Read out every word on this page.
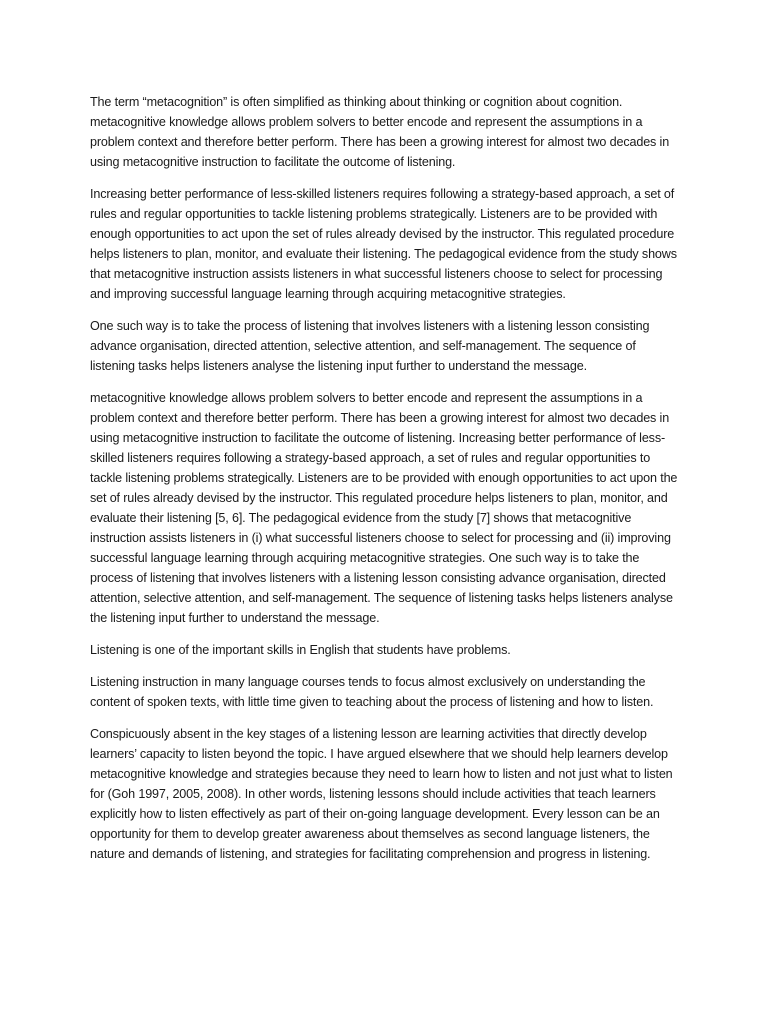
The term “metacognition” is often simplified as thinking about thinking or cognition about cognition. metacognitive knowledge allows problem solvers to better encode and represent the assumptions in a problem context and therefore better perform. There has been a growing interest for almost two decades in using metacognitive instruction to facilitate the outcome of listening.

Increasing better performance of less-skilled listeners requires following a strategy-based approach, a set of rules and regular opportunities to tackle listening problems strategically. Listeners are to be provided with enough opportunities to act upon the set of rules already devised by the instructor. This regulated procedure helps listeners to plan, monitor, and evaluate their listening. The pedagogical evidence from the study shows that metacognitive instruction assists listeners in what successful listeners choose to select for processing and improving successful language learning through acquiring metacognitive strategies.

One such way is to take the process of listening that involves listeners with a listening lesson consisting advance organisation, directed attention, selective attention, and self-management. The sequence of listening tasks helps listeners analyse the listening input further to understand the message.

metacognitive knowledge allows problem solvers to better encode and represent the assumptions in a problem context and therefore better perform. There has been a growing interest for almost two decades in using metacognitive instruction to facilitate the outcome of listening. Increasing better performance of less-skilled listeners requires following a strategy-based approach, a set of rules and regular opportunities to tackle listening problems strategically. Listeners are to be provided with enough opportunities to act upon the set of rules already devised by the instructor. This regulated procedure helps listeners to plan, monitor, and evaluate their listening [5, 6]. The pedagogical evidence from the study [7] shows that metacognitive instruction assists listeners in (i) what successful listeners choose to select for processing and (ii) improving successful language learning through acquiring metacognitive strategies. One such way is to take the process of listening that involves listeners with a listening lesson consisting advance organisation, directed attention, selective attention, and self-management. The sequence of listening tasks helps listeners analyse the listening input further to understand the message.

Listening is one of the important skills in English that students have problems.

Listening instruction in many language courses tends to focus almost exclusively on understanding the content of spoken texts, with little time given to teaching about the process of listening and how to listen.

Conspicuously absent in the key stages of a listening lesson are learning activities that directly develop learners’ capacity to listen beyond the topic. I have argued elsewhere that we should help learners develop metacognitive knowledge and strategies because they need to learn how to listen and not just what to listen for (Goh 1997, 2005, 2008). In other words, listening lessons should include activities that teach learners explicitly how to listen effectively as part of their on-going language development. Every lesson can be an opportunity for them to develop greater awareness about themselves as second language listeners, the nature and demands of listening, and strategies for facilitating comprehension and progress in listening.
